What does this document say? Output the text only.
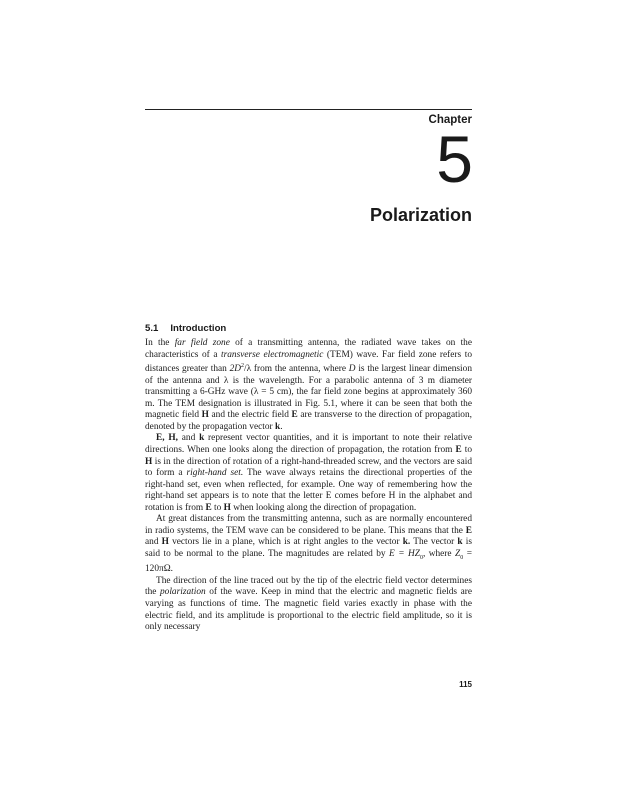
Chapter
5
Polarization
5.1 Introduction

In the far field zone of a transmitting antenna, the radiated wave takes on the characteristics of a transverse electromagnetic (TEM) wave. Far field zone refers to distances greater than $2D^2/\lambda$ from the antenna, where D is the largest linear dimension of the antenna and λ is the wavelength. For a parabolic antenna of 3 m diameter transmitting a 6-GHz wave (λ = 5 cm), the far field zone begins at approximately 360 m. The TEM designation is illustrated in Fig. 5.1, where it can be seen that both the magnetic field H and the electric field E are transverse to the direction of propagation, denoted by the propagation vector k.

E, H, and k represent vector quantities, and it is important to note their relative directions. When one looks along the direction of propagation, the rotation from E to H is in the direction of rotation of a right-hand-threaded screw, and the vectors are said to form a right-hand set. The wave always retains the directional properties of the right-hand set, even when reflected, for example. One way of remembering how the right-hand set appears is to note that the letter E comes before H in the alphabet and rotation is from E to H when looking along the direction of propagation.

At great distances from the transmitting antenna, such as are normally encountered in radio systems, the TEM wave can be considered to be plane. This means that the E and H vectors lie in a plane, which is at right angles to the vector k. The vector k is said to be normal to the plane. The magnitudes are related by $E = HZ_0$, where $Z_0 = 120\pi\Omega$.

The direction of the line traced out by the tip of the electric field vector determines the polarization of the wave. Keep in mind that the electric and magnetic fields are varying as functions of time. The magnetic field varies exactly in phase with the electric field, and its amplitude is proportional to the electric field amplitude, so it is only necessary

115
